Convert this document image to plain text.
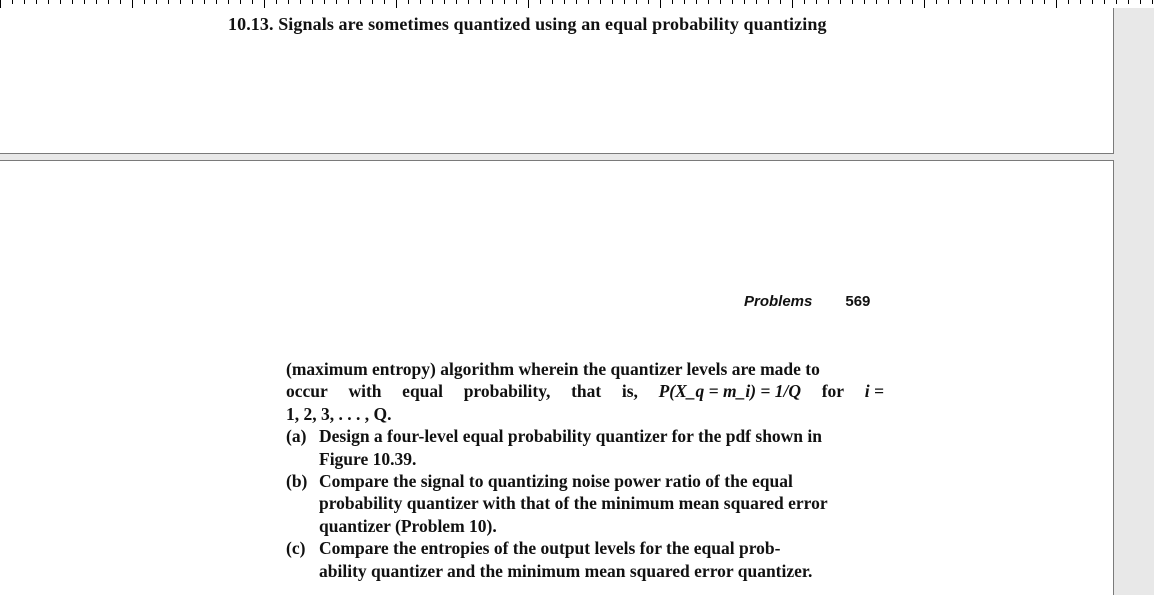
10.13. Signals are sometimes quantized using an equal probability quantizing
Problems 569
(maximum entropy) algorithm wherein the quantizer levels are made to
occur with equal probability, that is, P(X_q = m_i) = 1/Q for i =
1, 2, 3, . . . , Q.
(a) Design a four-level equal probability quantizer for the pdf shown in
Figure 10.39.
(b) Compare the signal to quantizing noise power ratio of the equal
probability quantizer with that of the minimum mean squared error
quantizer (Problem 10).
(c) Compare the entropies of the output levels for the equal prob-
ability quantizer and the minimum mean squared error quantizer.
